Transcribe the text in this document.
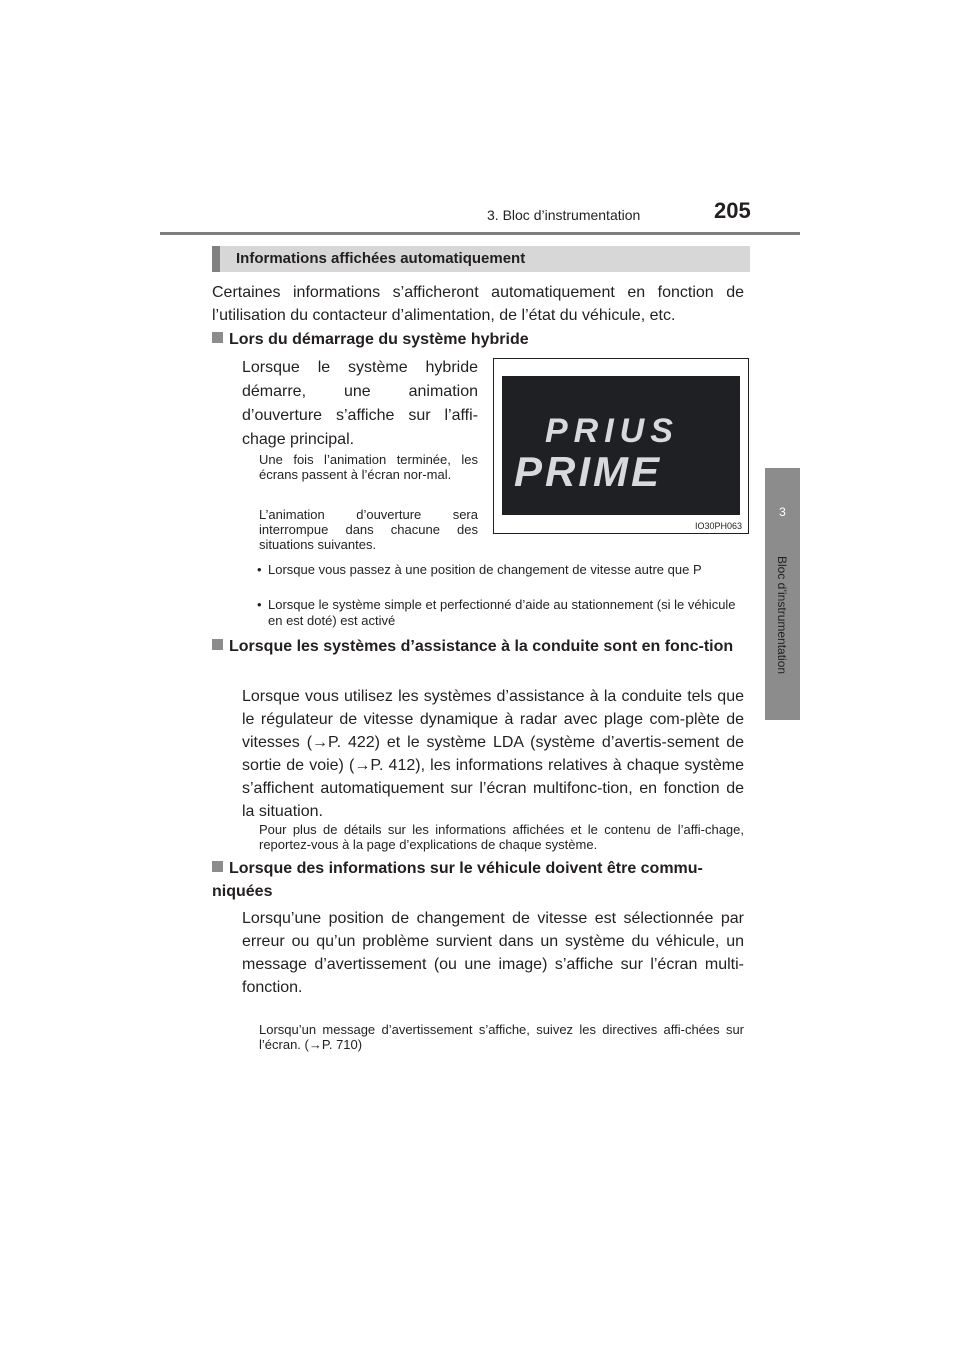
3. Bloc d’instrumentation	205
3
Bloc d’instrumentation
Informations affichées automatiquement

Certaines informations s’afficheront automatiquement en fonction de l’utilisation du contacteur d’alimentation, de l’état du véhicule, etc.

Lors du démarrage du système hybride

Lorsque le système hybride démarre, une animation d’ouverture s’affiche sur l’affi-chage principal.

Une fois l’animation terminée, les écrans passent à l’écran nor-mal.

L’animation d’ouverture sera interrompue dans chacune des situations suivantes.

• Lorsque vous passez à une position de changement de vitesse autre que P
• Lorsque le système simple et perfectionné d’aide au stationnement (si le véhicule en est doté) est activé
PRIUS
PRIME
IO30PH063
Lorsque les systèmes d’assistance à la conduite sont en fonc-tion

Lorsque vous utilisez les systèmes d’assistance à la conduite tels que le régulateur de vitesse dynamique à radar avec plage com-plète de vitesses (→P. 422) et le système LDA (système d’avertis-sement de sortie de voie) (→P. 412), les informations relatives à chaque système s’affichent automatiquement sur l’écran multifonc-tion, en fonction de la situation.

Pour plus de détails sur les informations affichées et le contenu de l’affi-chage, reportez-vous à la page d’explications de chaque système.

Lorsque des informations sur le véhicule doivent être commu-niquées

Lorsqu’une position de changement de vitesse est sélectionnée par erreur ou qu’un problème survient dans un système du véhicule, un message d’avertissement (ou une image) s’affiche sur l’écran multi-fonction.

Lorsqu’un message d’avertissement s’affiche, suivez les directives affi-chées sur l’écran. (→P. 710)
